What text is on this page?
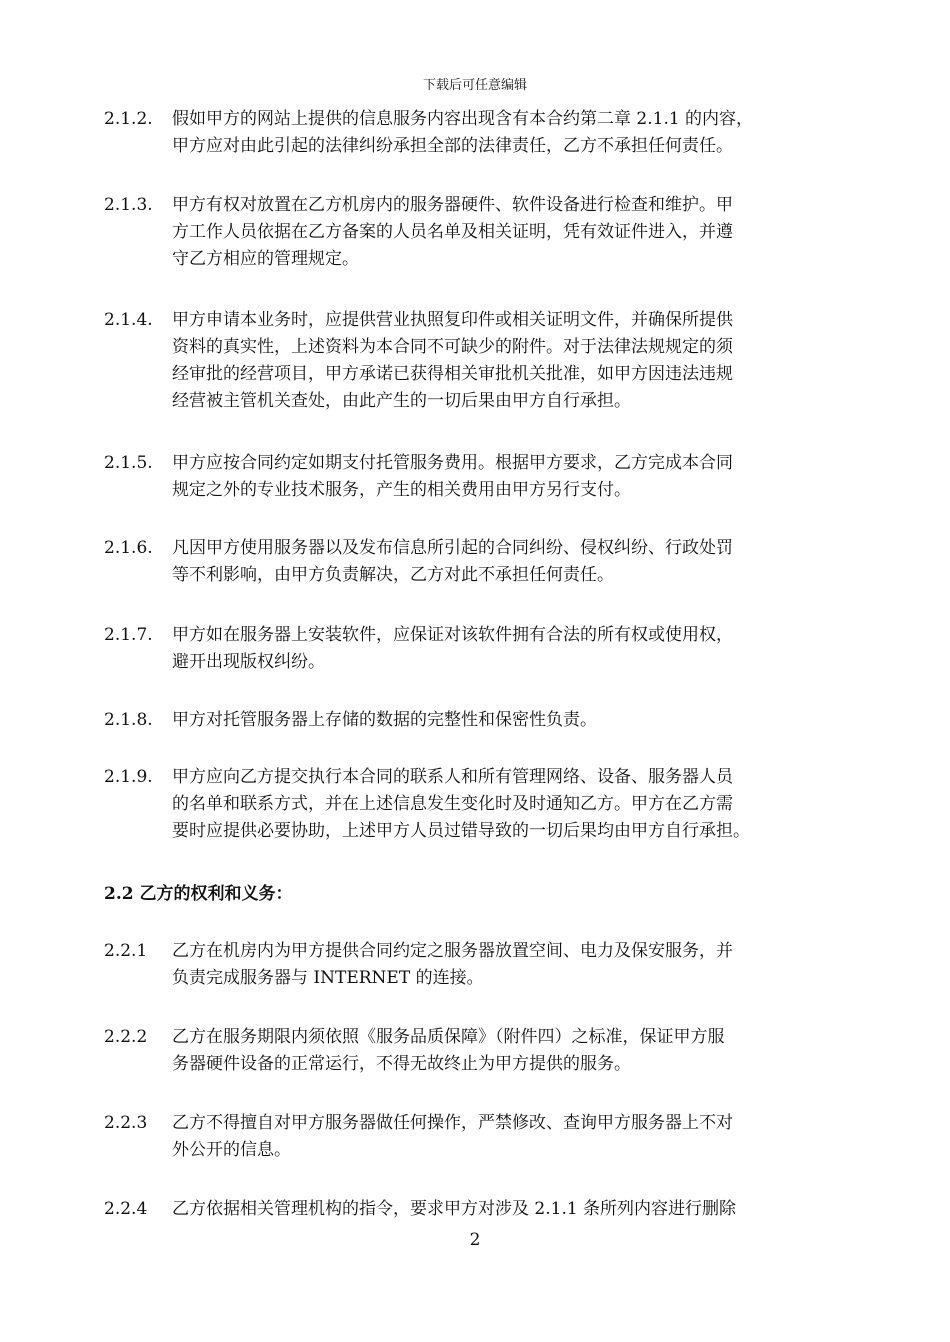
下载后可任意编辑
2.1.2. 假如甲方的网站上提供的信息服务内容出现含有本合约第二章 2.1.1 的内容，
甲方应对由此引起的法律纠纷承担全部的法律责任，乙方不承担任何责任。
2.1.3. 甲方有权对放置在乙方机房内的服务器硬件、软件设备进行检查和维护。甲
方工作人员依据在乙方备案的人员名单及相关证明，凭有效证件进入，并遵
守乙方相应的管理规定。
2.1.4. 甲方申请本业务时，应提供营业执照复印件或相关证明文件，并确保所提供
资料的真实性，上述资料为本合同不可缺少的附件。对于法律法规规定的须
经审批的经营项目，甲方承诺已获得相关审批机关批准，如甲方因违法违规
经营被主管机关查处，由此产生的一切后果由甲方自行承担。
2.1.5. 甲方应按合同约定如期支付托管服务费用。根据甲方要求，乙方完成本合同
规定之外的专业技术服务，产生的相关费用由甲方另行支付。
2.1.6. 凡因甲方使用服务器以及发布信息所引起的合同纠纷、侵权纠纷、行政处罚
等不利影响，由甲方负责解决，乙方对此不承担任何责任。
2.1.7. 甲方如在服务器上安装软件，应保证对该软件拥有合法的所有权或使用权，
避开出现版权纠纷。
2.1.8. 甲方对托管服务器上存储的数据的完整性和保密性负责。
2.1.9. 甲方应向乙方提交执行本合同的联系人和所有管理网络、设备、服务器人员
的名单和联系方式，并在上述信息发生变化时及时通知乙方。甲方在乙方需
要时应提供必要协助，上述甲方人员过错导致的一切后果均由甲方自行承担。
2.2 乙方的权利和义务：
2.2.1 乙方在机房内为甲方提供合同约定之服务器放置空间、电力及保安服务，并
负责完成服务器与 INTERNET 的连接。
2.2.2 乙方在服务期限内须依照《服务品质保障》（附件四）之标准，保证甲方服
务器硬件设备的正常运行，不得无故终止为甲方提供的服务。
2.2.3 乙方不得擅自对甲方服务器做任何操作，严禁修改、查询甲方服务器上不对
外公开的信息。
2.2.4 乙方依据相关管理机构的指令，要求甲方对涉及 2.1.1 条所列内容进行删除
2
